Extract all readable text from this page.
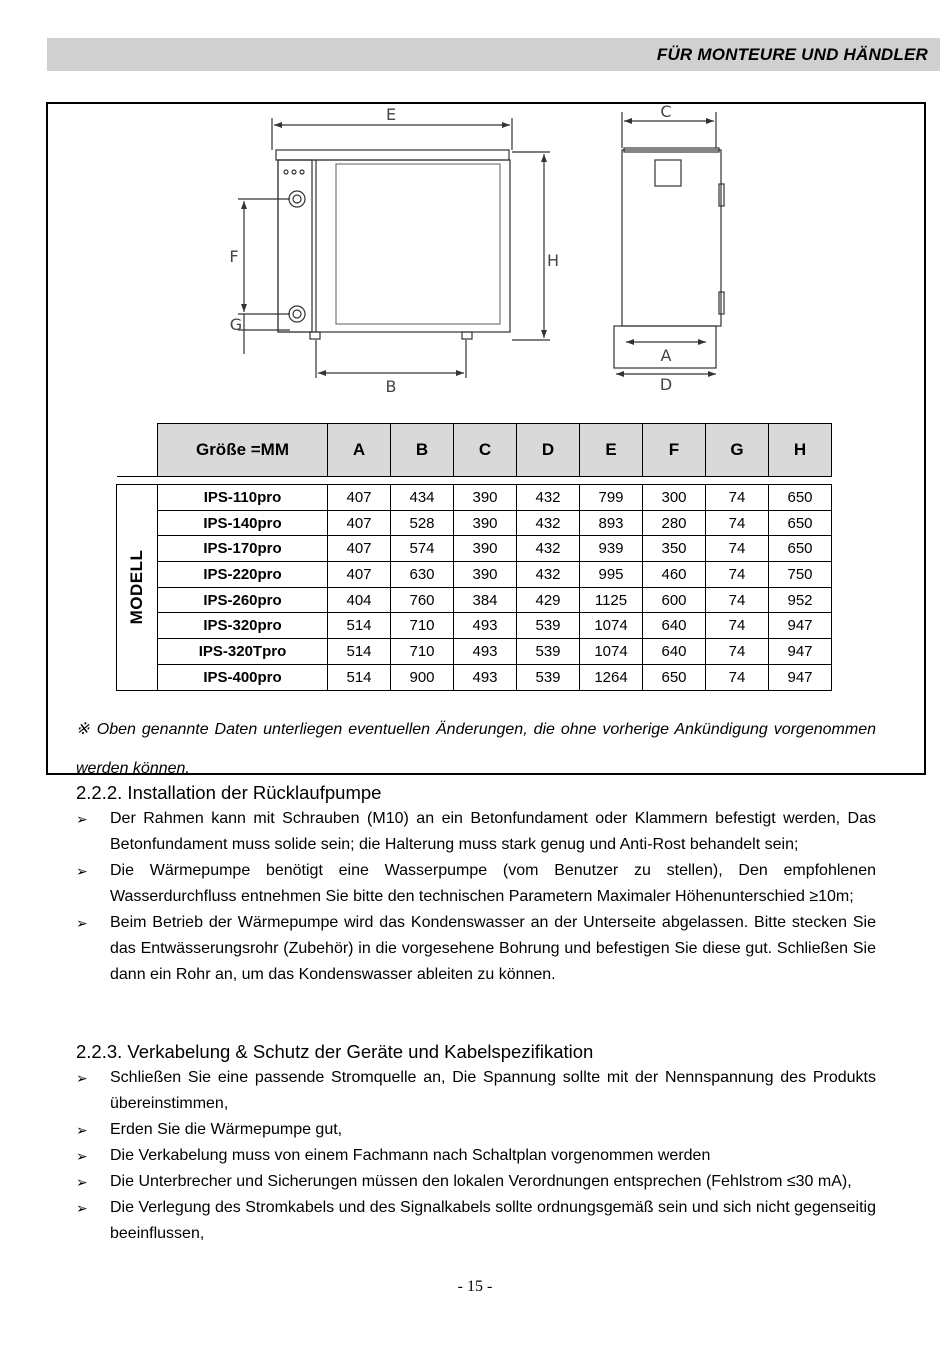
FÜR MONTEURE UND HÄNDLER
E
F
G
H
B
C
A
D
	Größe =MM	A	B	C	D	E	F	G	H

MODELL	IPS-110pro	407	434	390	432	799	300	74	650
	IPS-140pro	407	528	390	432	893	280	74	650
	IPS-170pro	407	574	390	432	939	350	74	650
	IPS-220pro	407	630	390	432	995	460	74	750
	IPS-260pro	404	760	384	429	1125	600	74	952
	IPS-320pro	514	710	493	539	1074	640	74	947
	IPS-320Tpro	514	710	493	539	1074	640	74	947
	IPS-400pro	514	900	493	539	1264	650	74	947
※ Oben genannte Daten unterliegen eventuellen Änderungen, die ohne vorherige Ankündigung vorgenommen werden können.
2.2.2. Installation der Rücklaufpumpe
➢ Der Rahmen kann mit Schrauben (M10) an ein Betonfundament oder Klammern befestigt werden, Das Betonfundament muss solide sein; die Halterung muss stark genug und Anti-Rost behandelt sein;
➢ Die Wärmepumpe benötigt eine Wasserpumpe (vom Benutzer zu stellen), Den empfohlenen Wasserdurchfluss entnehmen Sie bitte den technischen Parametern Maximaler Höhenunterschied ≥10m;
➢ Beim Betrieb der Wärmepumpe wird das Kondenswasser an der Unterseite abgelassen. Bitte stecken Sie das Entwässerungsrohr (Zubehör) in die vorgesehene Bohrung und befestigen Sie diese gut. Schließen Sie dann ein Rohr an, um das Kondenswasser ableiten zu können.
2.2.3. Verkabelung & Schutz der Geräte und Kabelspezifikation
➢ Schließen Sie eine passende Stromquelle an, Die Spannung sollte mit der Nennspannung des Produkts übereinstimmen,
➢ Erden Sie die Wärmepumpe gut,
➢ Die Verkabelung muss von einem Fachmann nach Schaltplan vorgenommen werden
➢ Die Unterbrecher und Sicherungen müssen den lokalen Verordnungen entsprechen (Fehlstrom ≤30 mA),
➢ Die Verlegung des Stromkabels und des Signalkabels sollte ordnungsgemäß sein und sich nicht gegenseitig beeinflussen,
- 15 -
